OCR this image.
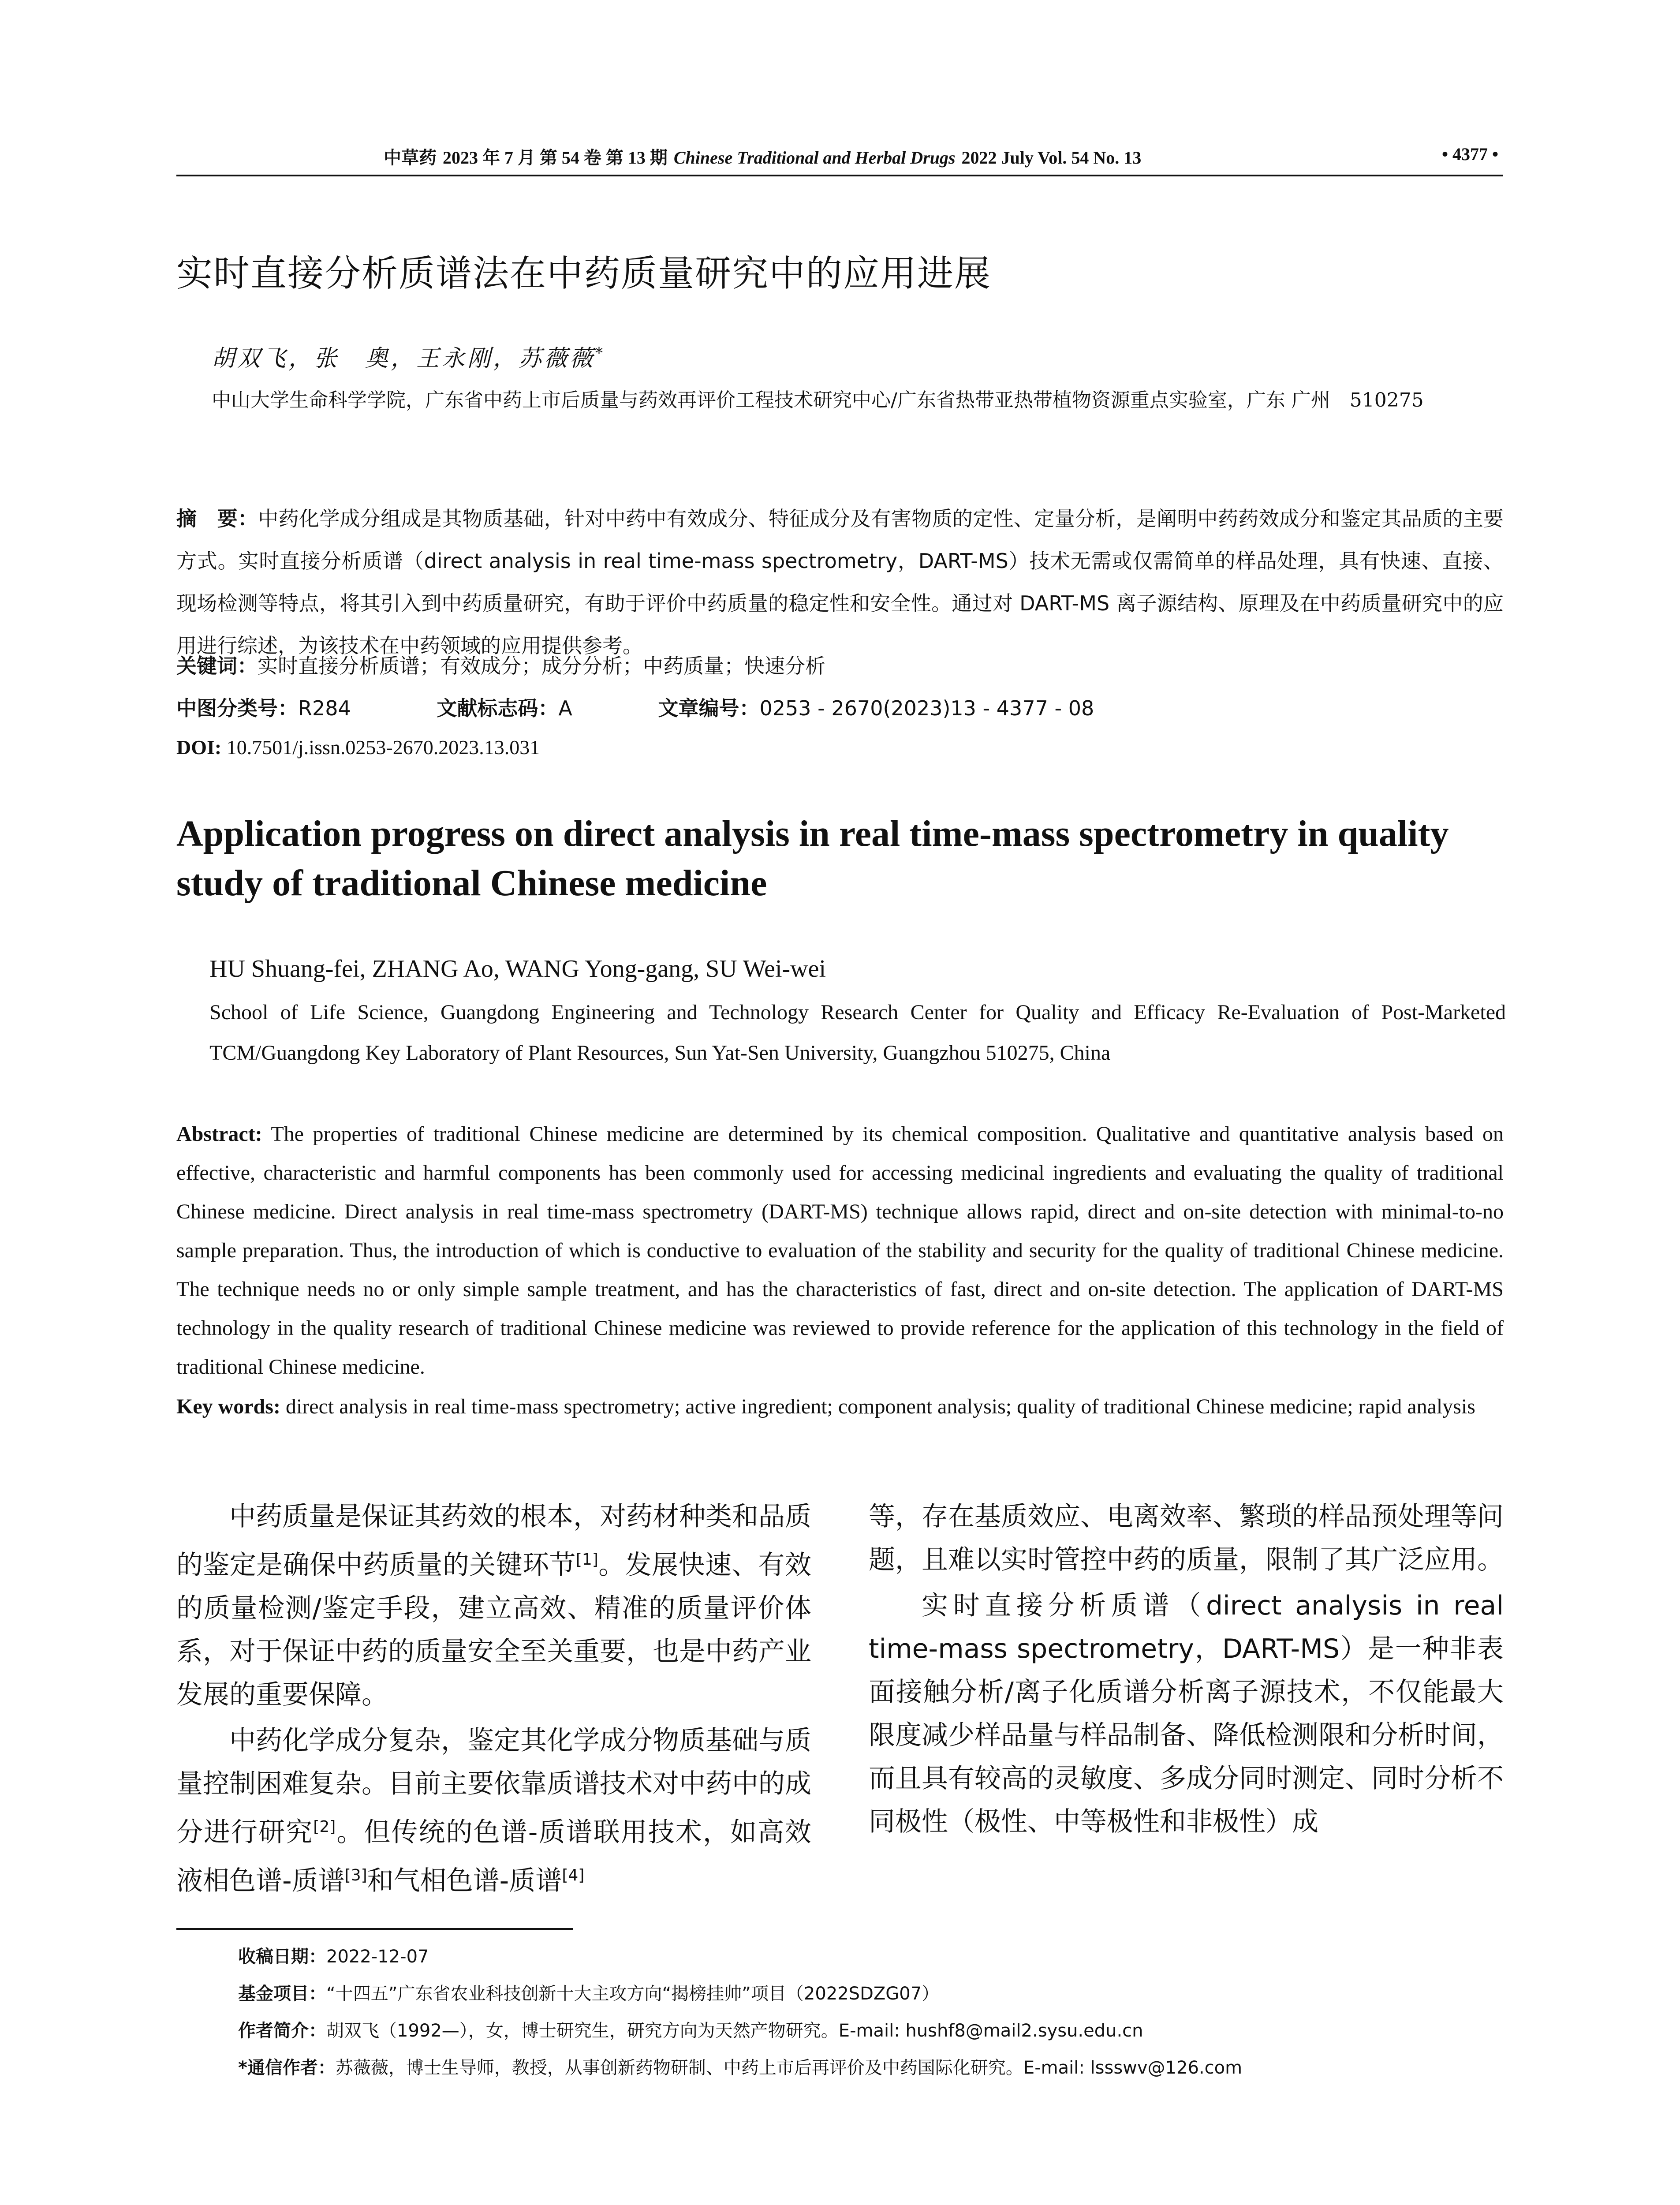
中草药 2023 年 7 月 第 54 卷 第 13 期 Chinese Traditional and Herbal Drugs 2022 July Vol. 54 No. 13	• 4377 •
实时直接分析质谱法在中药质量研究中的应用进展
胡双飞，张　奥，王永刚，苏薇薇*
中山大学生命科学学院，广东省中药上市后质量与药效再评价工程技术研究中心/广东省热带亚热带植物资源重点实验室，广东 广州　510275
摘　要：中药化学成分组成是其物质基础，针对中药中有效成分、特征成分及有害物质的定性、定量分析，是阐明中药药效成分和鉴定其品质的主要方式。实时直接分析质谱（direct analysis in real time-mass spectrometry，DART-MS）技术无需或仅需简单的样品处理，具有快速、直接、现场检测等特点，将其引入到中药质量研究，有助于评价中药质量的稳定性和安全性。通过对 DART-MS 离子源结构、原理及在中药质量研究中的应用进行综述，为该技术在中药领域的应用提供参考。
关键词：实时直接分析质谱；有效成分；成分分析；中药质量；快速分析
中图分类号：R284	文献标志码：A	文章编号：0253 - 2670(2023)13 - 4377 - 08
DOI: 10.7501/j.issn.0253-2670.2023.13.031
Application progress on direct analysis in real time-mass spectrometry in quality study of traditional Chinese medicine
HU Shuang-fei, ZHANG Ao, WANG Yong-gang, SU Wei-wei
School of Life Science, Guangdong Engineering and Technology Research Center for Quality and Efficacy Re-Evaluation of Post-Marketed TCM/Guangdong Key Laboratory of Plant Resources, Sun Yat-Sen University, Guangzhou 510275, China
Abstract: The properties of traditional Chinese medicine are determined by its chemical composition. Qualitative and quantitative analysis based on effective, characteristic and harmful components has been commonly used for accessing medicinal ingredients and evaluating the quality of traditional Chinese medicine. Direct analysis in real time-mass spectrometry (DART-MS) technique allows rapid, direct and on-site detection with minimal-to-no sample preparation. Thus, the introduction of which is conductive to evaluation of the stability and security for the quality of traditional Chinese medicine. The technique needs no or only simple sample treatment, and has the characteristics of fast, direct and on-site detection. The application of DART-MS technology in the quality research of traditional Chinese medicine was reviewed to provide reference for the application of this technology in the field of traditional Chinese medicine.
Key words: direct analysis in real time-mass spectrometry; active ingredient; component analysis; quality of traditional Chinese medicine; rapid analysis

中药质量是保证其药效的根本，对药材种类和品质的鉴定是确保中药质量的关键环节[1]。发展快速、有效的质量检测/鉴定手段，建立高效、精准的质量评价体系，对于保证中药的质量安全至关重要，也是中药产业发展的重要保障。

中药化学成分复杂，鉴定其化学成分物质基础与质量控制困难复杂。目前主要依靠质谱技术对中药中的成分进行研究[2]。但传统的色谱-质谱联用技术，如高效液相色谱-质谱[3]和气相色谱-质谱[4]

等，存在基质效应、电离效率、繁琐的样品预处理等问题，且难以实时管控中药的质量，限制了其广泛应用。

实时直接分析质谱（direct analysis in real time-mass spectrometry，DART-MS）是一种非表面接触分析/离子化质谱分析离子源技术，不仅能最大限度减少样品量与样品制备、降低检测限和分析时间，而且具有较高的灵敏度、多成分同时测定、同时分析不同极性（极性、中等极性和非极性）成

收稿日期：2022-12-07
基金项目：“十四五”广东省农业科技创新十大主攻方向“揭榜挂帅”项目（2022SDZG07）
作者简介：胡双飞（1992—），女，博士研究生，研究方向为天然产物研究。E-mail: hushf8@mail2.sysu.edu.cn
*通信作者：苏薇薇，博士生导师，教授，从事创新药物研制、中药上市后再评价及中药国际化研究。E-mail: lssswv@126.com
